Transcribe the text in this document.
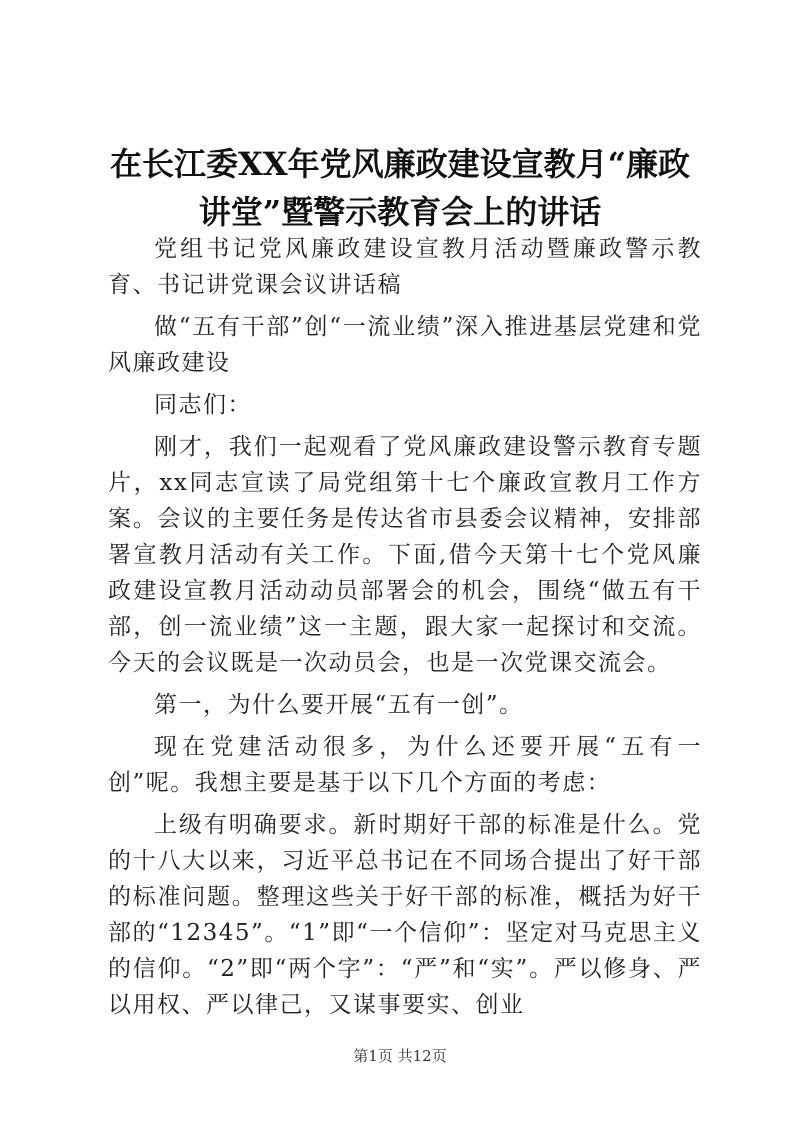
在长江委XX年党风廉政建设宣教月“廉政讲堂”暨警示教育会上的讲话

党组书记党风廉政建设宣教月活动暨廉政警示教育、书记讲党课会议讲话稿

做“五有干部”创“一流业绩”深入推进基层党建和党风廉政建设

同志们：

刚才，我们一起观看了党风廉政建设警示教育专题片，xx同志宣读了局党组第十七个廉政宣教月工作方案。会议的主要任务是传达省市县委会议精神，安排部署宣教月活动有关工作。下面,借今天第十七个党风廉政建设宣教月活动动员部署会的机会，围绕“做五有干部，创一流业绩”这一主题，跟大家一起探讨和交流。今天的会议既是一次动员会，也是一次党课交流会。

第一，为什么要开展“五有一创”。

现在党建活动很多，为什么还要开展“五有一创”呢。我想主要是基于以下几个方面的考虑：

上级有明确要求。新时期好干部的标准是什么。党的十八大以来，习近平总书记在不同场合提出了好干部的标准问题。整理这些关于好干部的标准，概括为好干部的“12345”。“1”即“一个信仰”：坚定对马克思主义的信仰。“2”即“两个字”：“严”和“实”。严以修身、严以用权、严以律己，又谋事要实、创业

第1页 共12页
